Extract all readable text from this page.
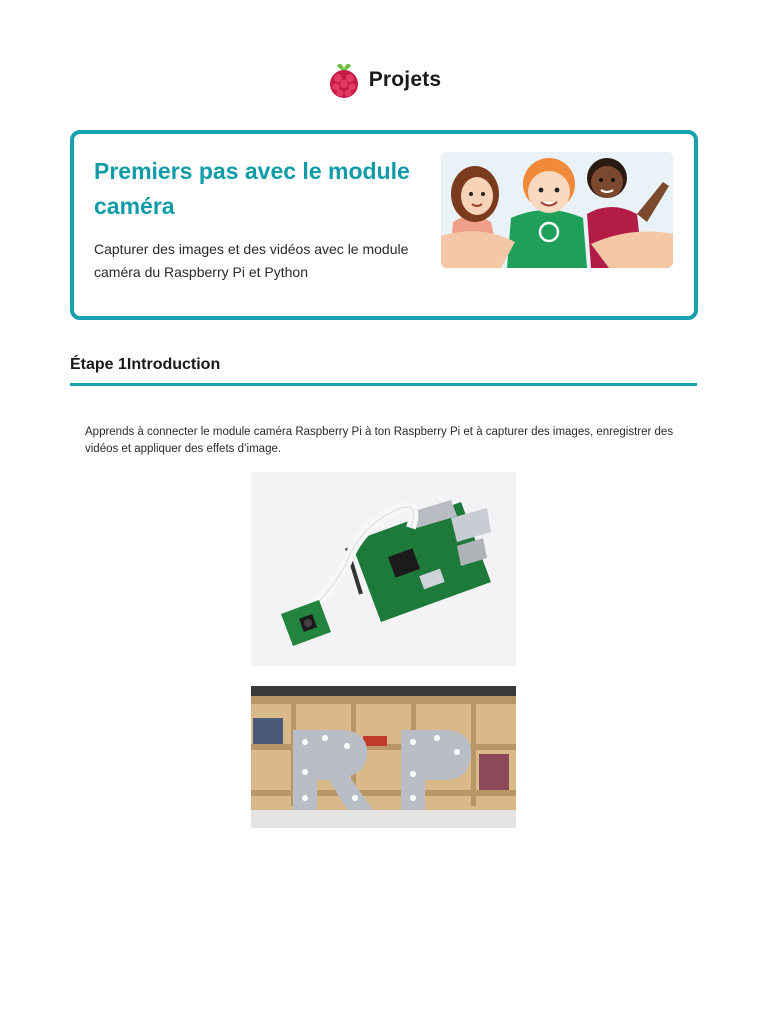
Projets
Premiers pas avec le module caméra

Capturer des images et des vidéos avec le module caméra du Raspberry Pi et Python

Étape 1Introduction

Apprends à connecter le module caméra Raspberry Pi à ton Raspberry Pi et à capturer des images, enregistrer des vidéos et appliquer des effets d’image.
